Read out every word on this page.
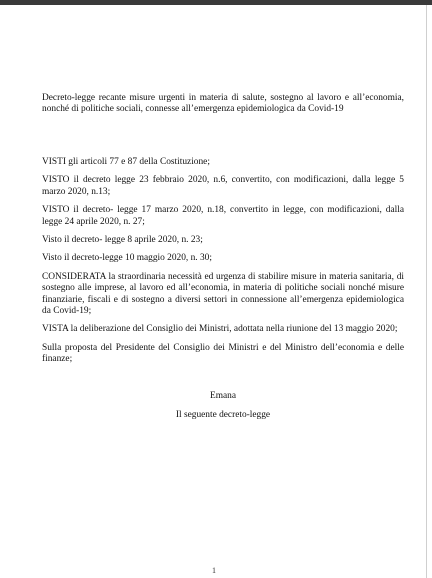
Decreto-legge recante misure urgenti in materia di salute, sostegno al lavoro e all’economia, nonché di politiche sociali, connesse all’emergenza epidemiologica da Covid-19

VISTI gli articoli 77 e 87 della Costituzione;

VISTO il decreto legge 23 febbraio 2020, n.6, convertito, con modificazioni, dalla legge 5 marzo 2020, n.13;

VISTO il decreto- legge 17 marzo 2020, n.18, convertito in legge, con modificazioni, dalla legge 24 aprile 2020, n. 27;

Visto il decreto- legge 8 aprile 2020, n. 23;

Visto il decreto-legge 10 maggio 2020, n. 30;

CONSIDERATA la straordinaria necessità ed urgenza di stabilire misure in materia sanitaria, di sostegno alle imprese, al lavoro ed all’economia, in materia di politiche sociali nonché misure finanziarie, fiscali e di sostegno a diversi settori in connessione all’emergenza epidemiologica da Covid-19;

VISTA la deliberazione del Consiglio dei Ministri, adottata nella riunione del 13 maggio 2020;

Sulla proposta del Presidente del Consiglio dei Ministri e del Ministro dell’economia e delle finanze;

Emana
Il seguente decreto-legge
1
